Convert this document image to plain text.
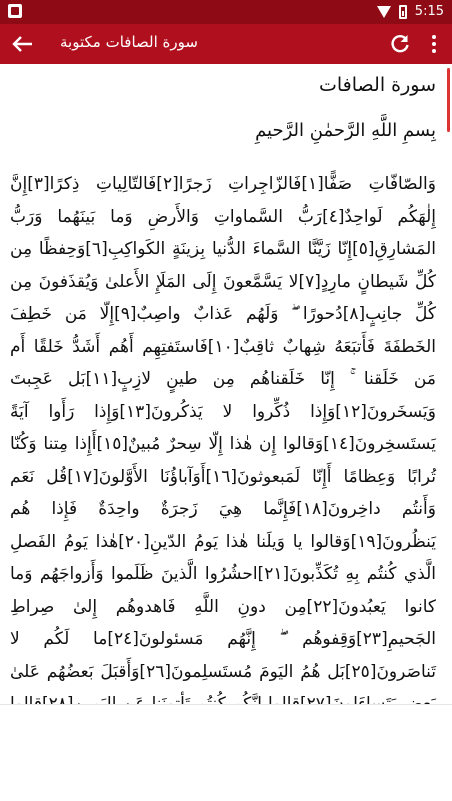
5:15
سورة الصافات مكتوبة
سورة الصافات
بِسمِ اللَّهِ الرَّحمٰنِ الرَّحيمِ
وَالصّافّاتِ صَفًّا[١]فَالزّاجِراتِ زَجرًا[٢]فَالتّالِياتِ ذِكرًا[٣]إِنَّ إِلٰهَكُم لَواحِدٌ[٤]رَبُّ السَّماواتِ وَالأَرضِ وَما بَينَهُما وَرَبُّ المَشارِقِ[٥]إِنّا زَيَّنَّا السَّماءَ الدُّنيا بِزينَةٍ الكَواكِبِ[٦]وَحِفظًا مِن كُلِّ شَيطانٍ مارِدٍ[٧]لا يَسَّمَّعونَ إِلَى المَلَإِ الأَعلىٰ وَيُقذَفونَ مِن كُلِّ جانِبٍ[٨]دُحورًا ۖ وَلَهُم عَذابٌ واصِبٌ[٩]إِلّا مَن خَطِفَ الخَطفَةَ فَأَتبَعَهُ شِهابٌ ثاقِبٌ[١٠]فَاستَفتِهِم أَهُم أَشَدُّ خَلقًا أَم مَن خَلَقنا ۚ إِنّا خَلَقناهُم مِن طينٍ لازِبٍ[١١]بَل عَجِبتَ وَيَسخَرونَ[١٢]وَإِذا ذُكِّروا لا يَذكُرونَ[١٣]وَإِذا رَأَوا آيَةً يَستَسخِرونَ[١٤]وَقالوا إِن هٰذا إِلّا سِحرٌ مُبينٌ[١٥]أَإِذا مِتنا وَكُنّا تُرابًا وَعِظامًا أَإِنّا لَمَبعوثونَ[١٦]أَوَآباؤُنَا الأَوَّلونَ[١٧]قُل نَعَم وَأَنتُم داخِرونَ[١٨]فَإِنَّما هِيَ زَجرَةٌ واحِدَةٌ فَإِذا هُم يَنظُرونَ[١٩]وَقالوا يا وَيلَنا هٰذا يَومُ الدّينِ[٢٠]هٰذا يَومُ الفَصلِ الَّذي كُنتُم بِهِ تُكَذِّبونَ[٢١]احشُرُوا الَّذينَ ظَلَموا وَأَزواجَهُم وَما كانوا يَعبُدونَ[٢٢]مِن دونِ اللَّهِ فَاهدوهُم إِلىٰ صِراطِ الجَحيمِ[٢٣]وَقِفوهُم ۖ إِنَّهُم مَسئولونَ[٢٤]ما لَكُم لا تَناصَرونَ[٢٥]بَل هُمُ اليَومَ مُستَسلِمونَ[٢٦]وَأَقبَلَ بَعضُهُم عَلىٰ
